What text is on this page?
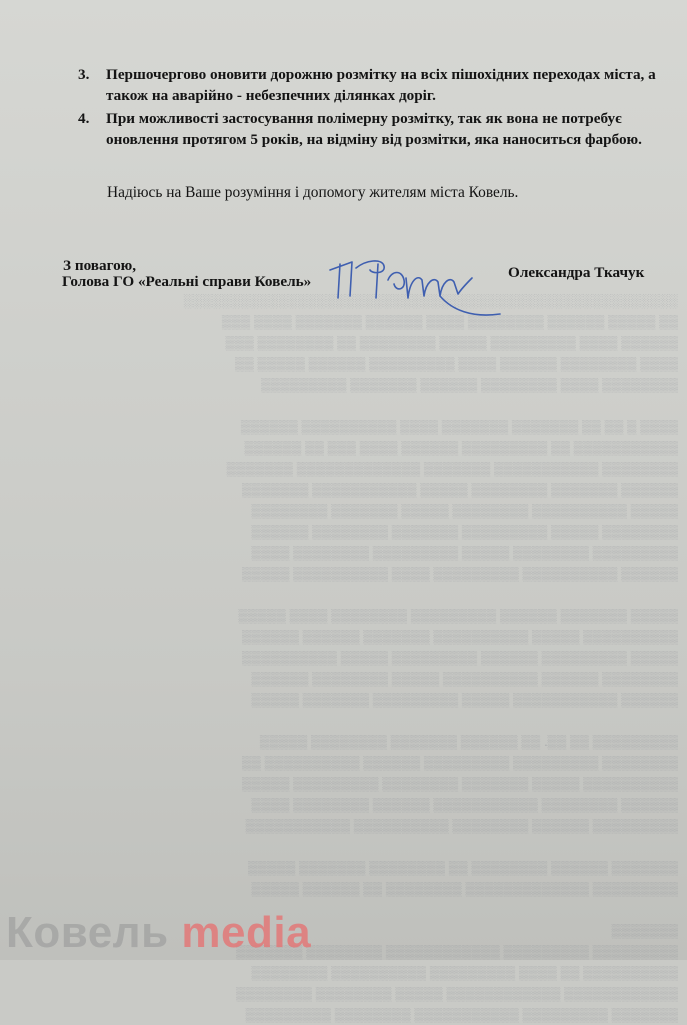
░░░░░░░░░░░░░░░░░░░░░░░░░░░░░░░░░░░░░░░░░░░░░░░░░░░░
▒▒ ▒▒▒▒▒ ▒▒▒▒▒▒ ▒▒▒▒▒▒▒▒ ▒▒▒▒ ▒▒▒▒▒▒ ▒▒▒▒▒▒▒ ▒▒▒▒ ▒▒▒
▒▒▒▒▒▒ ▒▒▒▒ ▒▒▒▒▒▒▒▒▒ ▒▒▒▒▒ ▒▒▒▒▒▒▒▒ ▒▒ ▒▒▒▒▒▒▒▒ ▒▒▒
▒▒▒▒ ▒▒▒▒▒▒▒▒ ▒▒▒▒▒▒ ▒▒▒▒ ▒▒▒▒▒▒▒▒▒ ▒▒▒▒▒▒ ▒▒▒▒▒ ▒▒
▒▒▒▒▒▒▒▒ ▒▒▒▒ ▒▒▒▒▒▒▒▒ ▒▒▒▒▒▒ ▒▒▒▒▒▒▒ ▒▒▒▒▒▒▒▒▒

▒▒▒▒ ▒ ▒▒ ▒▒ ▒▒▒▒▒▒▒ ▒▒▒▒▒▒▒ ▒▒▒▒ ▒▒▒▒▒▒▒▒▒▒ ▒▒▒▒▒▒
▒▒▒▒▒▒▒▒▒▒▒ ▒▒ ▒▒▒▒▒▒▒▒▒ ▒▒▒▒▒▒ ▒▒▒▒ ▒▒▒ ▒▒ ▒▒▒▒▒▒
▒▒▒▒▒▒▒▒ ▒▒▒▒▒▒▒▒▒▒▒ ▒▒▒▒▒▒▒ ▒▒▒▒▒▒▒▒▒▒▒▒▒ ▒▒▒▒▒▒▒
▒▒▒▒▒▒ ▒▒▒▒▒▒▒ ▒▒▒▒▒▒▒▒ ▒▒▒▒▒ ▒▒▒▒▒▒▒▒▒▒▒ ▒▒▒▒▒▒▒
▒▒▒▒▒ ▒▒▒▒▒▒▒▒▒▒ ▒▒▒▒▒▒▒▒ ▒▒▒▒▒ ▒▒▒▒▒▒▒ ▒▒▒▒▒▒▒▒
▒▒▒▒▒▒▒▒ ▒▒▒▒▒ ▒▒▒▒▒▒▒▒▒ ▒▒▒▒▒▒▒ ▒▒▒▒▒▒▒▒ ▒▒▒▒▒▒
▒▒▒▒▒▒▒▒▒ ▒▒▒▒▒▒▒▒ ▒▒▒▒▒ ▒▒▒▒▒▒▒▒▒ ▒▒▒▒▒▒▒▒ ▒▒▒▒
▒▒▒▒▒▒ ▒▒▒▒▒▒▒▒▒▒ ▒▒▒▒▒▒▒▒▒ ▒▒▒▒ ▒▒▒▒▒▒▒▒▒▒ ▒▒▒▒▒

▒▒▒▒▒ ▒▒▒▒▒▒▒ ▒▒▒▒▒▒ ▒▒▒▒▒▒▒▒▒ ▒▒▒▒▒▒▒▒ ▒▒▒▒ ▒▒▒▒▒
▒▒▒▒▒▒▒▒▒▒ ▒▒▒▒▒ ▒▒▒▒▒▒▒▒▒▒ ▒▒▒▒▒▒▒ ▒▒▒▒▒▒ ▒▒▒▒▒▒
▒▒▒▒▒ ▒▒▒▒▒▒▒▒▒ ▒▒▒▒▒▒ ▒▒▒▒▒▒▒▒▒ ▒▒▒▒▒ ▒▒▒▒▒▒▒▒▒▒
▒▒▒▒▒▒▒▒ ▒▒▒▒▒▒ ▒▒▒▒▒▒▒▒▒▒ ▒▒▒▒▒ ▒▒▒▒▒▒▒▒ ▒▒▒▒▒▒
▒▒▒▒▒▒ ▒▒▒▒▒▒▒▒▒▒▒ ▒▒▒▒▒ ▒▒▒▒▒▒▒▒▒ ▒▒▒▒▒▒▒ ▒▒▒▒▒

▒▒▒▒▒▒▒▒▒ ▒▒ ▒▒. ▒▒ ▒▒▒▒▒▒ ▒▒▒▒▒▒▒ ▒▒▒▒▒▒▒▒ ▒▒▒▒▒
▒▒▒▒▒▒▒▒ ▒▒▒▒▒▒▒▒▒ ▒▒▒▒▒▒▒▒▒ ▒▒▒▒▒▒ ▒▒▒▒▒▒▒▒▒▒ ▒▒
▒▒▒▒▒▒▒▒▒▒ ▒▒▒▒▒ ▒▒▒▒▒▒▒ ▒▒▒▒▒▒▒▒ ▒▒▒▒▒▒▒▒▒ ▒▒▒▒▒
▒▒▒▒▒▒ ▒▒▒▒▒▒▒▒ ▒▒▒▒▒▒▒▒▒▒▒ ▒▒▒▒▒▒ ▒▒▒▒▒▒▒▒ ▒▒▒▒
▒▒▒▒▒▒▒▒▒ ▒▒▒▒▒▒ ▒▒▒▒▒▒▒▒ ▒▒▒▒▒▒▒▒▒▒ ▒▒▒▒▒▒▒▒▒▒▒

▒▒▒▒▒▒▒ ▒▒▒▒▒▒ ▒▒▒▒▒▒▒▒ ▒▒ ▒▒▒▒▒▒▒▒ ▒▒▒▒▒▒▒ ▒▒▒▒▒
▒▒▒▒▒▒▒▒▒ ▒▒▒▒▒▒▒▒▒▒▒▒▒ ▒▒▒▒▒▒▒▒ ▒▒ ▒▒▒▒▒▒ ▒▒▒▒▒

▒▒▒▒▒▒▒
▒▒▒▒▒▒▒▒▒ ▒▒▒▒▒▒▒▒▒ ▒▒▒▒▒▒▒▒▒▒▒▒ ▒▒▒▒▒▒▒▒ ▒▒▒▒▒▒▒
▒▒▒▒▒▒▒▒▒▒ ▒▒ ▒▒▒▒ ▒▒▒▒▒▒▒▒▒ ▒▒▒▒▒▒▒▒▒▒ ▒▒▒▒▒▒▒▒
▒▒▒▒▒▒▒▒▒▒▒▒ ▒▒▒▒▒▒▒▒▒▒▒▒ ▒▒▒▒▒ ▒▒▒▒▒▒▒▒ ▒▒▒▒▒▒▒▒
▒▒▒▒▒▒▒ ▒▒▒▒▒▒▒▒▒ ▒▒▒▒▒▒▒▒▒▒▒ ▒▒▒▒▒▒▒▒ ▒▒▒▒▒▒▒▒▒
3. Першочергово оновити дорожню розмітку на всіх пішохідних переходах міста, а також на аварійно - небезпечних ділянках доріг.
4. При можливості застосування полімерну розмітку, так як вона не потребує оновлення протягом 5 років, на відміну від розмітки, яка наноситься фарбою.
Надіюсь на Ваше розуміння і допомогу жителям міста Ковель.
З повагою,
Голова ГО «Реальні справи Ковель»
Олександра Ткачук
Ковель media
